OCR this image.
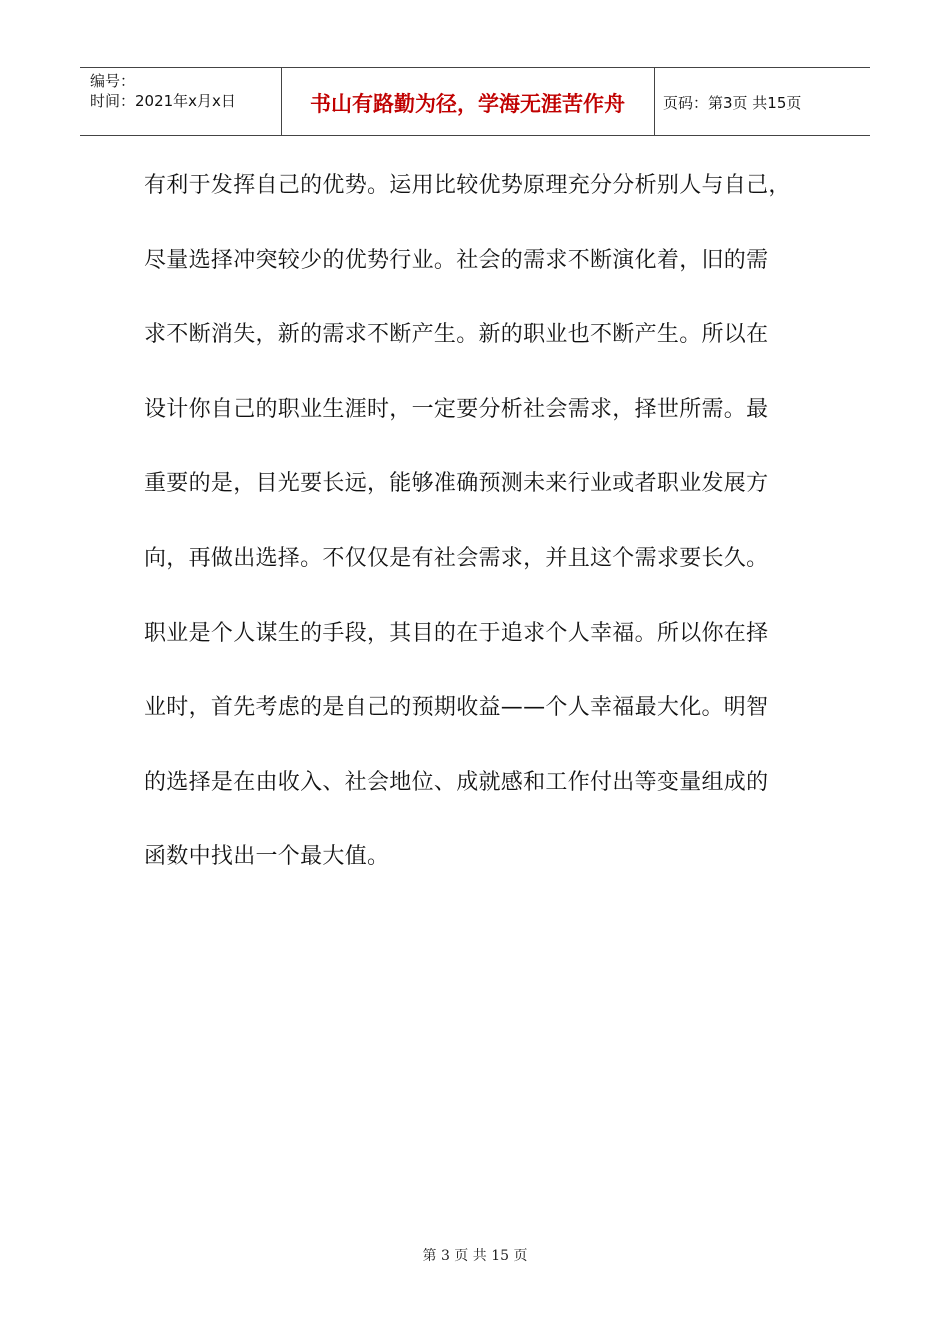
编号：
时间：2021年x月x日	书山有路勤为径，学海无涯苦作舟	页码：第3页 共15页
有利于发挥自己的优势。运用比较优势原理充分分析别人与自己，
尽量选择冲突较少的优势行业。社会的需求不断演化着，旧的需
求不断消失，新的需求不断产生。新的职业也不断产生。所以在
设计你自己的职业生涯时，一定要分析社会需求，择世所需。最
重要的是，目光要长远，能够准确预测未来行业或者职业发展方
向，再做出选择。不仅仅是有社会需求，并且这个需求要长久。
职业是个人谋生的手段，其目的在于追求个人幸福。所以你在择
业时，首先考虑的是自己的预期收益——个人幸福最大化。明智
的选择是在由收入、社会地位、成就感和工作付出等变量组成的
函数中找出一个最大值。
第 3 页 共 15 页
